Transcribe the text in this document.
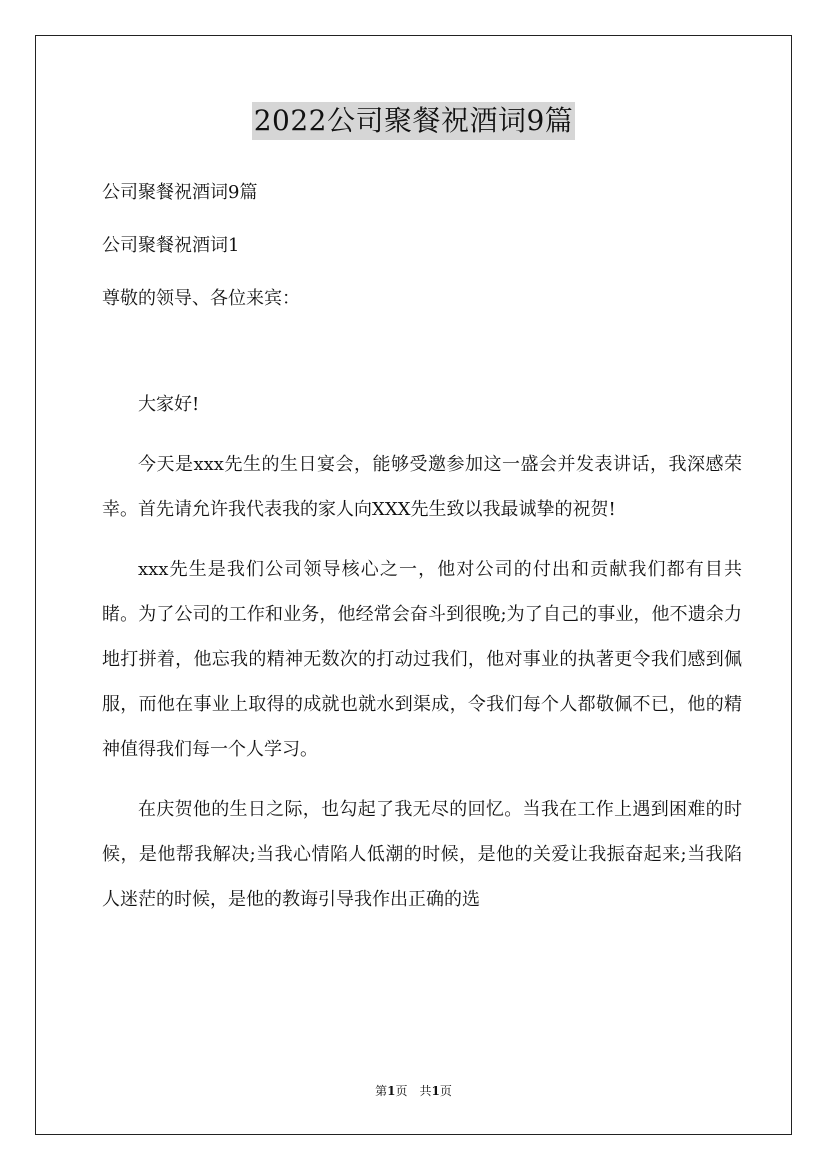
2022公司聚餐祝酒词9篇

公司聚餐祝酒词9篇

公司聚餐祝酒词1

尊敬的领导、各位来宾：

大家好!

今天是xxx先生的生日宴会，能够受邀参加这一盛会并发表讲话，我深感荣幸。首先请允许我代表我的家人向XXX先生致以我最诚挚的祝贺!

xxx先生是我们公司领导核心之一，他对公司的付出和贡献我们都有目共睹。为了公司的工作和业务，他经常会奋斗到很晚;为了自己的事业，他不遗余力地打拼着，他忘我的精神无数次的打动过我们，他对事业的执著更令我们感到佩服，而他在事业上取得的成就也就水到渠成，令我们每个人都敬佩不已，他的精神值得我们每一个人学习。

在庆贺他的生日之际，也勾起了我无尽的回忆。当我在工作上遇到困难的时候，是他帮我解决;当我心情陷人低潮的时候，是他的关爱让我振奋起来;当我陷人迷茫的时候，是他的教诲引导我作出正确的选

第1页　共1页
